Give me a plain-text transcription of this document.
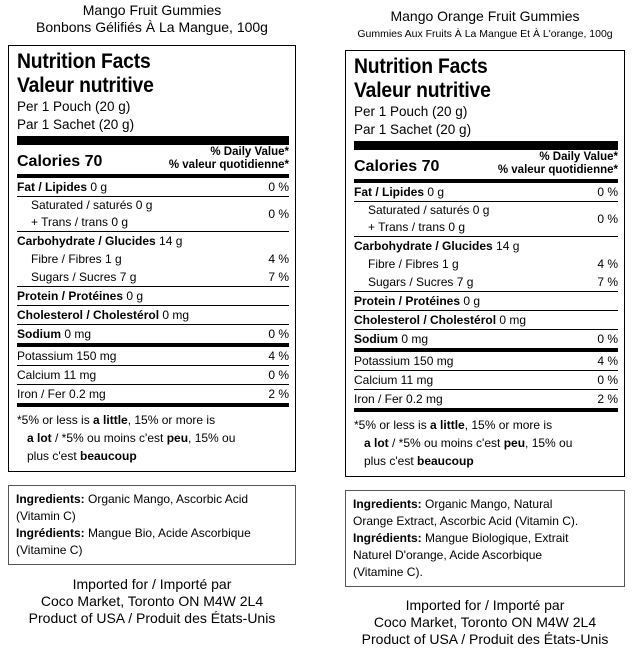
Mango Fruit Gummies
Bonbons Gélifiés À La Mangue, 100g
Nutrition Facts
Valeur nutritive
Per 1 Pouch (20 g)
Par 1 Sachet (20 g)
Calories 70
% Daily Value*
% valeur quotidienne*
Fat / Lipides 0 g	0 %
Saturated / saturés 0 g
+ Trans / trans 0 g
0 %
Carbohydrate / Glucides 14 g
Fibre / Fibres 1 g	4 %
Sugars / Sucres 7 g	7 %
Protein / Protéines 0 g
Cholesterol / Cholestérol 0 mg
Sodium 0 mg	0 %
Potassium 150 mg	4 %
Calcium 11 mg	0 %
Iron / Fer 0.2 mg	2 %
*5% or less is a little, 15% or more is
a lot / *5% ou moins c'est peu, 15% ou
plus c'est beaucoup
Ingredients: Organic Mango, Ascorbic Acid
(Vitamin C)
Ingrédients: Mangue Bio, Acide Ascorbique
(Vitamine C)
Imported for / Importé par
Coco Market, Toronto ON M4W 2L4
Product of USA / Produit des États-Unis
Mango Orange Fruit Gummies
Gummies Aux Fruits À La Mangue Et À L'orange, 100g
Nutrition Facts
Valeur nutritive
Per 1 Pouch (20 g)
Par 1 Sachet (20 g)
Calories 70
% Daily Value*
% valeur quotidienne*
Fat / Lipides 0 g	0 %
Saturated / saturés 0 g
+ Trans / trans 0 g
0 %
Carbohydrate / Glucides 14 g
Fibre / Fibres 1 g	4 %
Sugars / Sucres 7 g	7 %
Protein / Protéines 0 g
Cholesterol / Cholestérol 0 mg
Sodium 0 mg	0 %
Potassium 150 mg	4 %
Calcium 11 mg	0 %
Iron / Fer 0.2 mg	2 %
*5% or less is a little, 15% or more is
a lot / *5% ou moins c'est peu, 15% ou
plus c'est beaucoup
Ingredients: Organic Mango, Natural
Orange Extract, Ascorbic Acid (Vitamin C).
Ingrédients: Mangue Biologique, Extrait
Naturel D'orange, Acide Ascorbique
(Vitamine C).
Imported for / Importé par
Coco Market, Toronto ON M4W 2L4
Product of USA / Produit des États-Unis
